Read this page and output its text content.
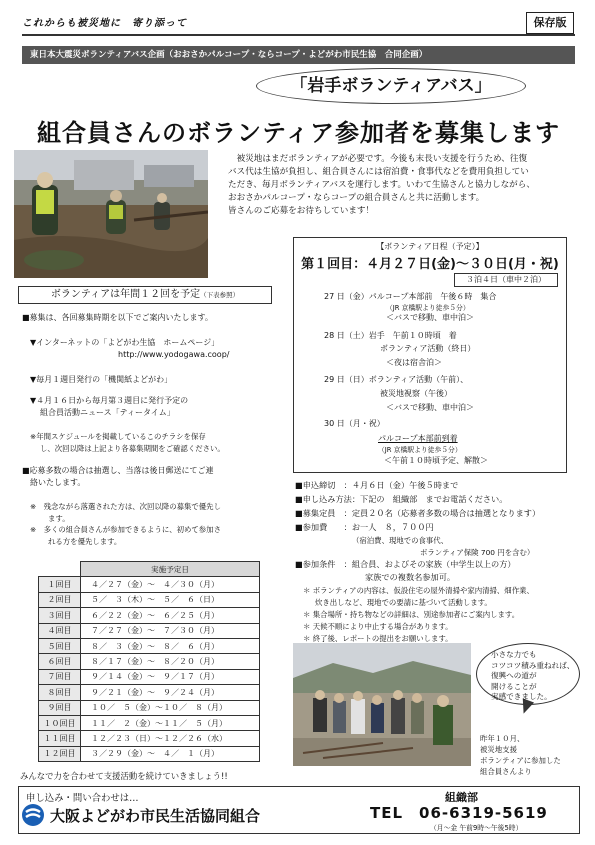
これからも被災地に　寄り添って	保存版
東日本大震災ボランティアバス企画（おおさかパルコープ・ならコープ・よどがわ市民生協　合同企画）
「岩手ボランティアバス」
組合員さんのボランティア参加者を募集します

被災地はまだボランティアが必要です。今後も末長い支援を行うため、往復

バス代は生協が負担し、組合員さんには宿泊費・食事代などを費用負担してい

ただき、毎月ボランティアバスを運行します。いわて生協さんと協力しながら、

おおさかパルコープ・ならコープの組合員さんと共に活動します。

皆さんのご応募をお待ちしています！

【ボランティア日程（予定）】
第１回目：４月２７日(金)～３０日(月・祝)
３泊４日（車中２泊）
27 日（金）パルコープ本部前　午後６時　集合
（JR 京橋駅より徒歩５分）
＜バスで移動、車中泊＞
28 日（土）岩手　午前１０時頃　着
ボランティア活動（終日）
＜夜は宿舎泊＞
29 日（日）ボランティア活動（午前）、
被災地視察（午後）
＜バスで移動、車中泊＞
30 日（月・祝）
パルコープ本部前到着
（JR 京橋駅より徒歩５分）
＜午前１０時頃予定、解散＞
ボランティアは年間１２回を予定（下表参照）
■募集は、各回募集時期を以下でご案内いたします。
▼インターネットの「よどがわ生協　ホームページ」
http://www.yodogawa.coop/
▼毎月１週目発行の「機関紙よどがわ」
▼４月１６日から毎月第３週目に発行予定の
組合員活動ニュース「ティータイム」
※年間スケジュールを掲載しているこのチラシを保存
し、次回以降は上記より各募集期間をご確認ください。
■応募多数の場合は抽選し、当落は後日郵送にてご連
絡いたします。
※　残念ながら落選された方は、次回以降の募集で優先し
ます。
※　多くの組合員さんが参加できるように、初めて参加さ
れる方を優先します。
	実施予定日
１回目	４／２７（金）～　４／３０（月）
２回目	５／　３（木）～　５／　６（日）
３回目	６／２２（金）～　６／２５（月）
４回目	７／２７（金）～　７／３０（月）
５回目	８／　３（金）～　８／　６（月）
６回目	８／１７（金）～　８／２０（月）
７回目	９／１４（金）～　９／１７（月）
８回目	９／２１（金）～　９／２４（月）
９回目	１０／　５（金）～１０／　８（月）
１０回目	１１／　２（金）～１１／　５（月）
１１回目	１２／２３（日）～１２／２６（水）
１２回目	３／２９（金）～　４／　１（月）
みんなで力を合わせて支援活動を続けていきましょう!!
■申込締切　：４月６日（金）午後５時まで
■申し込み方法：下記の　組織部　までお電話ください。
■募集定員　：定員２０名（応募者多数の場合は抽選となります）
■参加費　　：お一人　８，７００円
（宿泊費、現地での食事代、
ボランティア保険 700 円を含む）
■参加条件　：組合員、およびその家族（中学生以上の方）
家族での複数名参加可。
＊ ボランティアの内容は、仮設住宅の屋外清掃や家内清掃、畑作業、
炊き出しなど、現地での要請に基づいて活動します。
＊ 集合場所・持ち物などの詳細は、別途参加者にご案内します。
＊ 天候不順により中止する場合があります。
＊ 終了後、レポートの提出をお願いします。
小さな力でも
コツコツ積み重ねれば、
復興への道が
開けることが
実感できました。
昨年１０月、
被災地支援
ボランティアに参加した
組合員さんより
申し込み・問い合わせは…
大阪よどがわ市民生活協同組合
組織部
TEL　06-6319-5619
（月～金 午前9時～午後5時）
